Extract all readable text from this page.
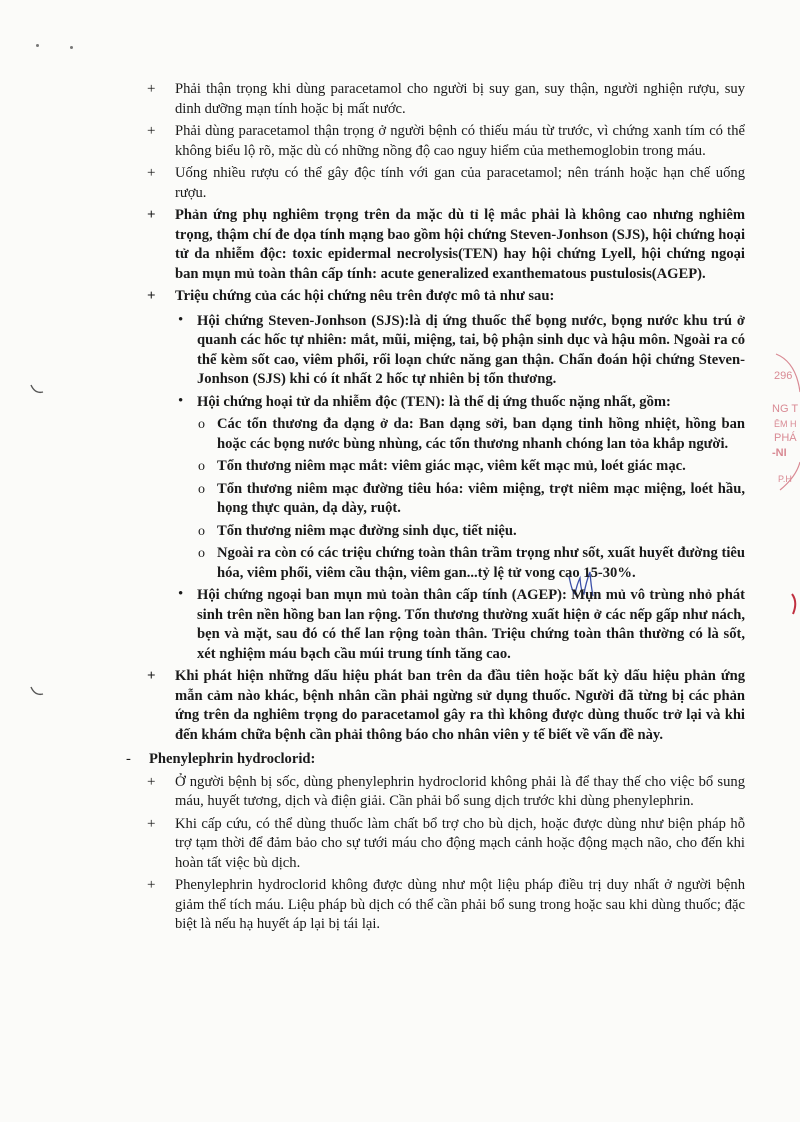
296
NG T
ÊM H
PHÁ
-NI
P.H
+ Phải thận trọng khi dùng paracetamol cho người bị suy gan, suy thận, người nghiện rượu, suy dinh dưỡng mạn tính hoặc bị mất nước.
+ Phải dùng paracetamol thận trọng ở người bệnh có thiếu máu từ trước, vì chứng xanh tím có thể không biểu lộ rõ, mặc dù có những nồng độ cao nguy hiểm của methemoglobin trong máu.
+ Uống nhiều rượu có thể gây độc tính với gan của paracetamol; nên tránh hoặc hạn chế uống rượu.
+ Phản ứng phụ nghiêm trọng trên da mặc dù tỉ lệ mắc phải là không cao nhưng nghiêm trọng, thậm chí đe dọa tính mạng bao gồm hội chứng Steven-Jonhson (SJS), hội chứng hoại tử da nhiễm độc: toxic epidermal necrolysis(TEN) hay hội chứng Lyell, hội chứng ngoại ban mụn mủ toàn thân cấp tính: acute generalized exanthematous pustulosis(AGEP).
+ Triệu chứng của các hội chứng nêu trên được mô tả như sau:
• Hội chứng Steven-Jonhson (SJS):là dị ứng thuốc thể bọng nước, bọng nước khu trú ở quanh các hốc tự nhiên: mắt, mũi, miệng, tai, bộ phận sinh dục và hậu môn. Ngoài ra có thể kèm sốt cao, viêm phổi, rối loạn chức năng gan thận. Chẩn đoán hội chứng Steven-Jonhson (SJS) khi có ít nhất 2 hốc tự nhiên bị tổn thương.
• Hội chứng hoại tử da nhiễm độc (TEN): là thể dị ứng thuốc nặng nhất, gồm:
o Các tổn thương đa dạng ở da: Ban dạng sởi, ban dạng tinh hồng nhiệt, hồng ban hoặc các bọng nước bùng nhùng, các tổn thương nhanh chóng lan tỏa khắp người.
o Tổn thương niêm mạc mắt: viêm giác mạc, viêm kết mạc mủ, loét giác mạc.
o Tổn thương niêm mạc đường tiêu hóa: viêm miệng, trợt niêm mạc miệng, loét hầu, họng thực quản, dạ dày, ruột.
o Tổn thương niêm mạc đường sinh dục, tiết niệu.
o Ngoài ra còn có các triệu chứng toàn thân trầm trọng như sốt, xuất huyết đường tiêu hóa, viêm phổi, viêm cầu thận, viêm gan...tỷ lệ tử vong cao 15-30%.
• Hội chứng ngoại ban mụn mủ toàn thân cấp tính (AGEP): Mụn mủ vô trùng nhỏ phát sinh trên nền hồng ban lan rộng. Tổn thương thường xuất hiện ở các nếp gấp như nách, bẹn và mặt, sau đó có thể lan rộng toàn thân. Triệu chứng toàn thân thường có là sốt, xét nghiệm máu bạch cầu múi trung tính tăng cao.
+ Khi phát hiện những dấu hiệu phát ban trên da đầu tiên hoặc bất kỳ dấu hiệu phản ứng mẫn cảm nào khác, bệnh nhân cần phải ngừng sử dụng thuốc. Người đã từng bị các phản ứng trên da nghiêm trọng do paracetamol gây ra thì không được dùng thuốc trở lại và khi đến khám chữa bệnh cần phải thông báo cho nhân viên y tế biết về vấn đề này.
- Phenylephrin hydroclorid:
+ Ở người bệnh bị sốc, dùng phenylephrin hydroclorid không phải là để thay thế cho việc bổ sung máu, huyết tương, dịch và điện giải. Cần phải bổ sung dịch trước khi dùng phenylephrin.
+ Khi cấp cứu, có thể dùng thuốc làm chất bổ trợ cho bù dịch, hoặc được dùng như biện pháp hỗ trợ tạm thời để đảm bảo cho sự tưới máu cho động mạch cảnh hoặc động mạch não, cho đến khi hoàn tất việc bù dịch.
+ Phenylephrin hydroclorid không được dùng như một liệu pháp điều trị duy nhất ở người bệnh giảm thể tích máu. Liệu pháp bù dịch có thể cần phải bổ sung trong hoặc sau khi dùng thuốc; đặc biệt là nếu hạ huyết áp lại bị tái lại.
